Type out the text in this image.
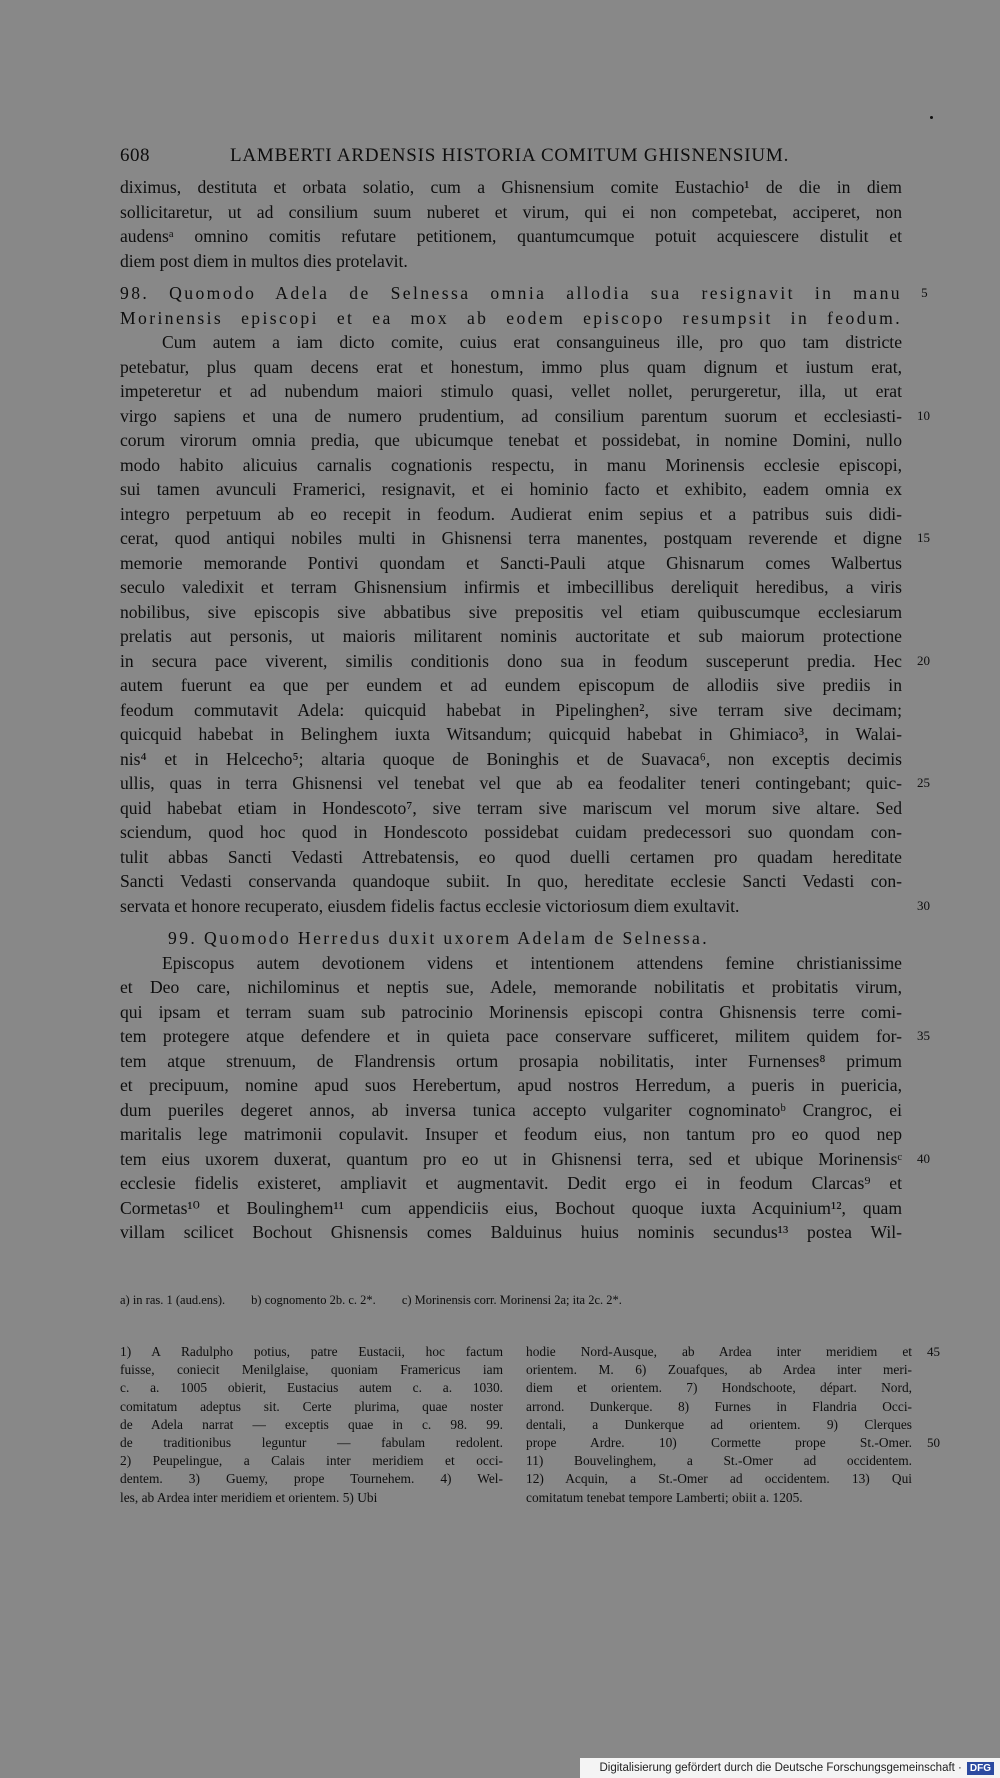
608	LAMBERTI ARDENSIS HISTORIA COMITUM GHISNENSIUM.
diximus, destituta et orbata solatio, cum a Ghisnensium comite Eustachio¹ de die in diem
sollicitaretur, ut ad consilium suum nuberet et virum, qui ei non competebat, acciperet, non
audensᵃ omnino comitis refutare petitionem, quantumcumque potuit acquiescere distulit et
diem post diem in multos dies protelavit.
98. Quomodo Adela de Selnessa omnia allodia sua resignavit in manu 5
Morinensis episcopi et ea mox ab eodem episcopo resumpsit in feodum.
Cum autem a iam dicto comite, cuius erat consanguineus ille, pro quo tam districte
petebatur, plus quam decens erat et honestum, immo plus quam dignum et iustum erat,
impeteretur et ad nubendum maiori stimulo quasi, vellet nollet, perurgeretur, illa, ut erat
virgo sapiens et una de numero prudentium, ad consilium parentum suorum et ecclesiasti- 10
corum virorum omnia predia, que ubicumque tenebat et possidebat, in nomine Domini, nullo
modo habito alicuius carnalis cognationis respectu, in manu Morinensis ecclesie episcopi,
sui tamen avunculi Framerici, resignavit, et ei hominio facto et exhibito, eadem omnia ex
integro perpetuum ab eo recepit in feodum. Audierat enim sepius et a patribus suis didi-
cerat, quod antiqui nobiles multi in Ghisnensi terra manentes, postquam reverende et digne 15
memorie memorande Pontivi quondam et Sancti-Pauli atque Ghisnarum comes Walbertus
seculo valedixit et terram Ghisnensium infirmis et imbecillibus dereliquit heredibus, a viris
nobilibus, sive episcopis sive abbatibus sive prepositis vel etiam quibuscumque ecclesiarum
prelatis aut personis, ut maioris militarent nominis auctoritate et sub maiorum protectione
in secura pace viverent, similis conditionis dono sua in feodum susceperunt predia. Hec 20
autem fuerunt ea que per eundem et ad eundem episcopum de allodiis sive prediis in
feodum commutavit Adela: quicquid habebat in Pipelinghen², sive terram sive decimam;
quicquid habebat in Belinghem iuxta Witsandum; quicquid habebat in Ghimiaco³, in Walai-
nis⁴ et in Helcecho⁵; altaria quoque de Boninghis et de Suavaca⁶, non exceptis decimis
ullis, quas in terra Ghisnensi vel tenebat vel que ab ea feodaliter teneri contingebant; quic- 25
quid habebat etiam in Hondescoto⁷, sive terram sive mariscum vel morum sive altare. Sed
sciendum, quod hoc quod in Hondescoto possidebat cuidam predecessori suo quondam con-
tulit abbas Sancti Vedasti Attrebatensis, eo quod duelli certamen pro quadam hereditate
Sancti Vedasti conservanda quandoque subiit. In quo, hereditate ecclesie Sancti Vedasti con-
servata et honore recuperato, eiusdem fidelis factus ecclesie victoriosum diem exultavit.	30
99. Quomodo Herredus duxit uxorem Adelam de Selnessa.
Episcopus autem devotionem videns et intentionem attendens femine christianissime
et Deo care, nichilominus et neptis sue, Adele, memorande nobilitatis et probitatis virum,
qui ipsam et terram suam sub patrocinio Morinensis episcopi contra Ghisnensis terre comi-
tem protegere atque defendere et in quieta pace conservare sufficeret, militem quidem for- 35
tem atque strenuum, de Flandrensis ortum prosapia nobilitatis, inter Furnenses⁸ primum
et precipuum, nomine apud suos Herebertum, apud nostros Herredum, a pueris in puericia,
dum pueriles degeret annos, ab inversa tunica accepto vulgariter cognominatoᵇ Crangroc, ei
maritalis lege matrimonii copulavit. Insuper et feodum eius, non tantum pro eo quod nep
tem eius uxorem duxerat, quantum pro eo ut in Ghisnensi terra, sed et ubique Morinensisᶜ 40
ecclesie fidelis existeret, ampliavit et augmentavit. Dedit ergo ei in feodum Clarcas⁹ et
Cormetas¹⁰ et Boulinghem¹¹ cum appendiciis eius, Bochout quoque iuxta Acquinium¹², quam
villam scilicet Bochout Ghisnensis comes Balduinus huius nominis secundus¹³ postea Wil-
a) in ras. 1 (aud.ens). b) cognomento 2b. c. 2*. c) Morinensis corr. Morinensi 2a; ita 2c. 2*.
1) A Radulpho potius, patre Eustacii, hoc factum
fuisse, coniecit Menilglaise, quoniam Framericus iam
c. a. 1005 obierit, Eustacius autem c. a. 1030.
comitatum adeptus sit. Certe plurima, quae noster
de Adela narrat — exceptis quae in c. 98. 99.
de traditionibus leguntur — fabulam redolent.
2) Peupelingue, a Calais inter meridiem et occi-
dentem. 3) Guemy, prope Tournehem. 4) Wel-
les, ab Ardea inter meridiem et orientem. 5) Ubi
hodie Nord-Ausque, ab Ardea inter meridiem et 45
orientem. M. 6) Zouafques, ab Ardea inter meri-
diem et orientem. 7) Hondschoote, départ. Nord,
arrond. Dunkerque. 8) Furnes in Flandria Occi-
dentali, a Dunkerque ad orientem. 9) Clerques
prope Ardre. 10) Cormette prope St.-Omer. 50
11) Bouvelinghem, a St.-Omer ad occidentem.
12) Acquin, a St.-Omer ad occidentem. 13) Qui
comitatum tenebat tempore Lamberti; obiit a. 1205.
Digitalisierung gefördert durch die Deutsche Forschungsgemeinschaft · DFG
